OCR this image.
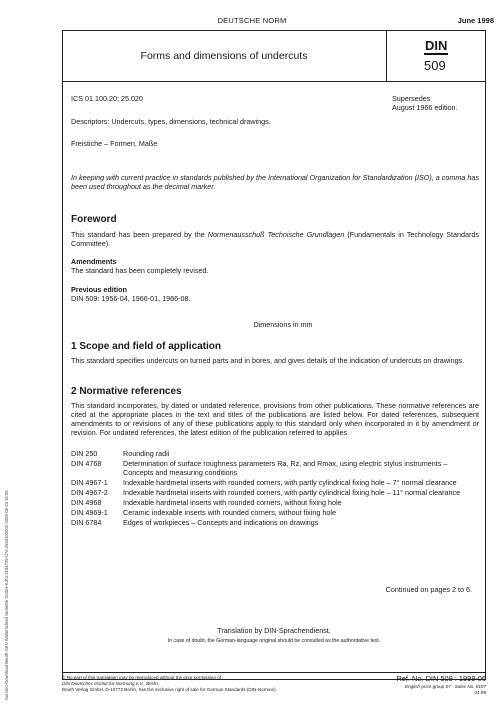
DEUTSCHE NORM	June 1998
Forms and dimensions of undercuts
DIN
509
ICS 01.100.20; 25.020	Supersedes
August 1966 edition.
Descriptors: Undercuts, types, dimensions, technical drawings.
Freistiche – Formen, Maße
In keeping with current practice in standards published by the International Organization for Standardization (ISO), a comma has been used throughout as the decimal marker.
Foreword
This standard has been prepared by the Normenausschuß Technische Grundlagen (Fundamentals in Technology Standards Committee).
Amendments
The standard has been completely revised.
Previous edition
DIN 509: 1956-04, 1966-01, 1966-08.
Dimensions in mm
1 Scope and field of application
This standard specifies undercuts on turned parts and in bores, and gives details of the indication of undercuts on drawings.
2 Normative references
This standard incorporates, by dated or undated reference, provisions from other publications. These normative references are cited at the appropriate places in the text and titles of the publications are listed below. For dated references, subsequent amendments to or revisions of any of these publications apply to this standard only when incorporated in it by amendment or revision. For undated references, the latest edition of the publication referred to applies.
DIN 250	Rounding radii
DIN 4768	Determination of surface roughness parameters Ra, Rz, and Rmax, using electric stylus instruments – Concepts and measuring conditions
DIN 4967-1	Indexable hardmetal inserts with rounded corners, with partly cylindrical fixing hole – 7° normal clearance
DIN 4967-2	Indexable hardmetal inserts with rounded corners, with partly cylindrical fixing hole – 11° normal clearance
DIN 4968	Indexable hardmetal inserts with rounded corners, without fixing hole
DIN 4969-1	Ceramic indexable inserts with rounded corners, without fixing hole
DIN 6784	Edges of workpieces – Concepts and indications on drawings
Continued on pages 2 to 6.
Translation by DIN-Sprachendienst.
In case of doubt, the German-language original should be consulted as the authoritative text.
© No part of this translation may be reproduced without the prior permission of
DIN Deutsches Institut für Normung e.V., Berlin.
Beuth Verlag GmbH, D-10772 Berlin, has the exclusive right of sale for German Standards (DIN-Normen).
Ref. No. DIN 509 : 1998-06
English price group 07 Sales No. 0107
04.99
Normen-Download-Beuth-GKN Walterscheid Getriebe GmbH-KdNr.3184729-LfNr.2653100001-2005-08-23 16:09
